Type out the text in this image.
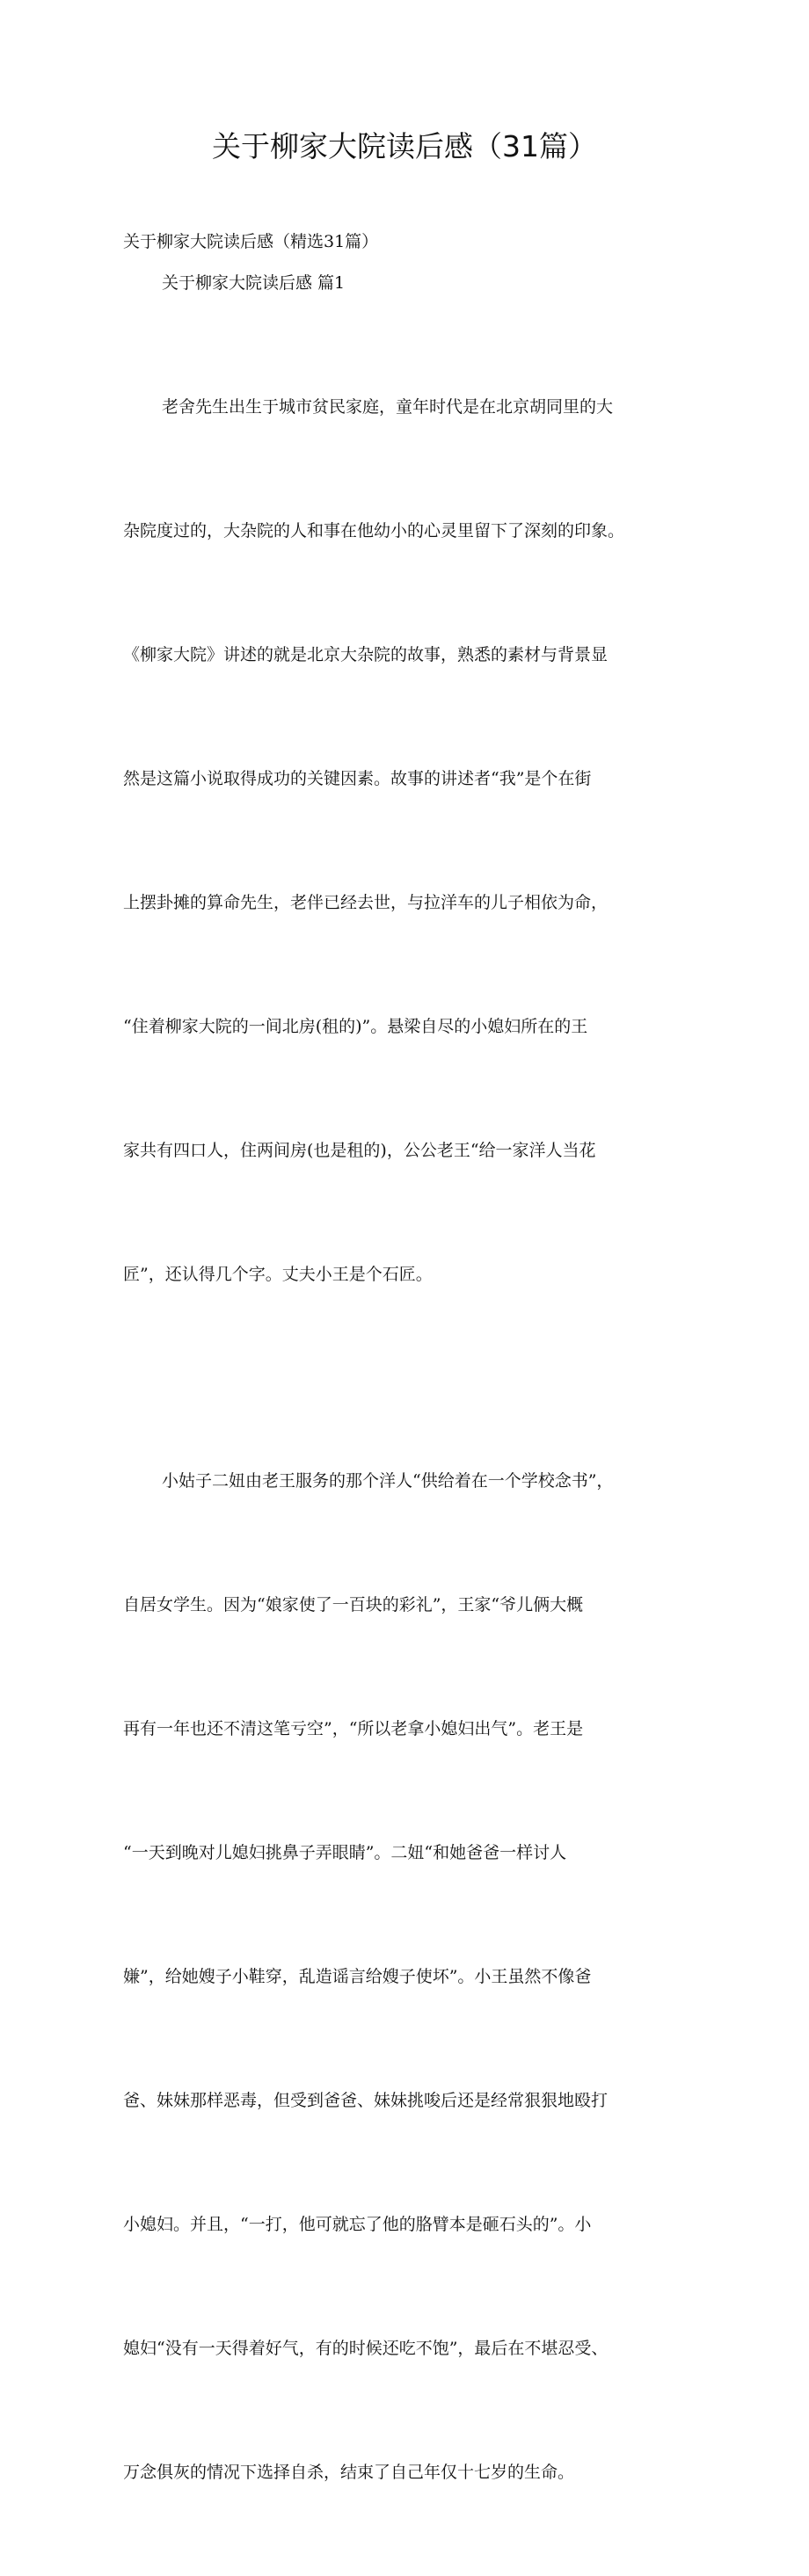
关于柳家大院读后感（31篇）

关于柳家大院读后感（精选31篇）

关于柳家大院读后感 篇1

老舍先生出生于城市贫民家庭，童年时代是在北京胡同里的大

杂院度过的，大杂院的人和事在他幼小的心灵里留下了深刻的印象。

《柳家大院》讲述的就是北京大杂院的故事，熟悉的素材与背景显

然是这篇小说取得成功的关键因素。故事的讲述者“我”是个在街

上摆卦摊的算命先生，老伴已经去世，与拉洋车的儿子相依为命，

“住着柳家大院的一间北房(租的)”。悬梁自尽的小媳妇所在的王

家共有四口人，住两间房(也是租的)，公公老王“给一家洋人当花

匠”，还认得几个字。丈夫小王是个石匠。

小姑子二妞由老王服务的那个洋人“供给着在一个学校念书”，

自居女学生。因为“娘家使了一百块的彩礼”，王家“爷儿俩大概

再有一年也还不清这笔亏空”，“所以老拿小媳妇出气”。老王是

“一天到晚对儿媳妇挑鼻子弄眼睛”。二妞“和她爸爸一样讨人

嫌”，给她嫂子小鞋穿，乱造谣言给嫂子使坏”。小王虽然不像爸

爸、妹妹那样恶毒，但受到爸爸、妹妹挑唆后还是经常狠狠地殴打

小媳妇。并且，“一打，他可就忘了他的胳臂本是砸石头的”。小

媳妇“没有一天得着好气，有的时候还吃不饱”，最后在不堪忍受、

万念俱灰的情况下选择自杀，结束了自己年仅十七岁的生命。
